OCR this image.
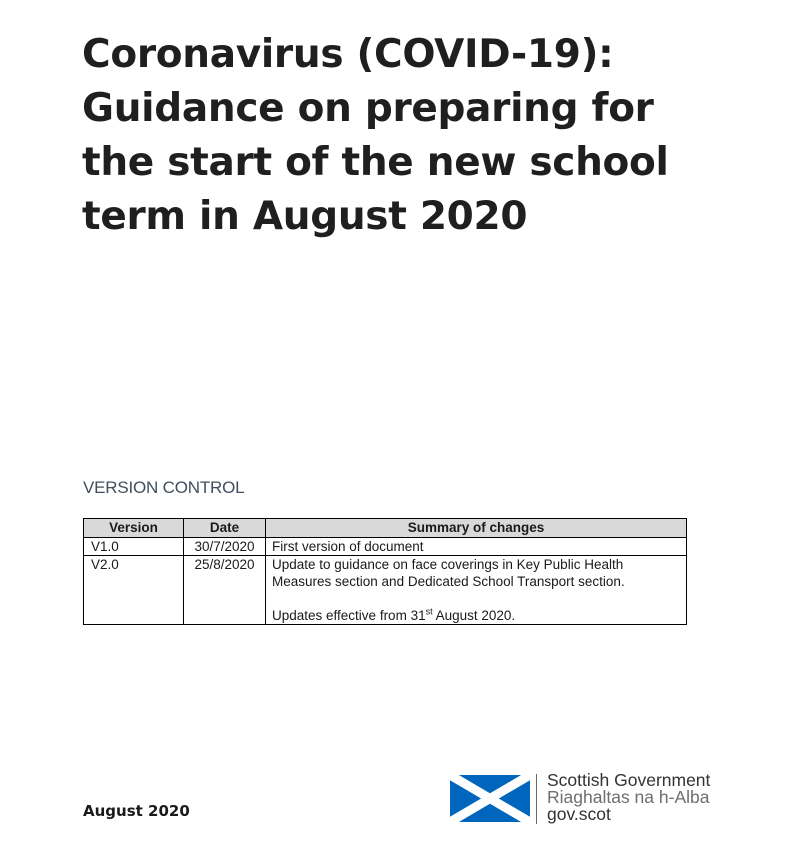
Coronavirus (COVID-19):
Guidance on preparing for
the start of the new school
term in August 2020
VERSION CONTROL
Version	Date	Summary of changes
V1.0	30/7/2020	First version of document
V2.0	25/8/2020	Update to guidance on face coverings in Key Public Health
Measures section and Dedicated School Transport section.
Updates effective from 31st August 2020.
August 2020
Scottish Government
Riaghaltas na h-Alba
gov.scot
